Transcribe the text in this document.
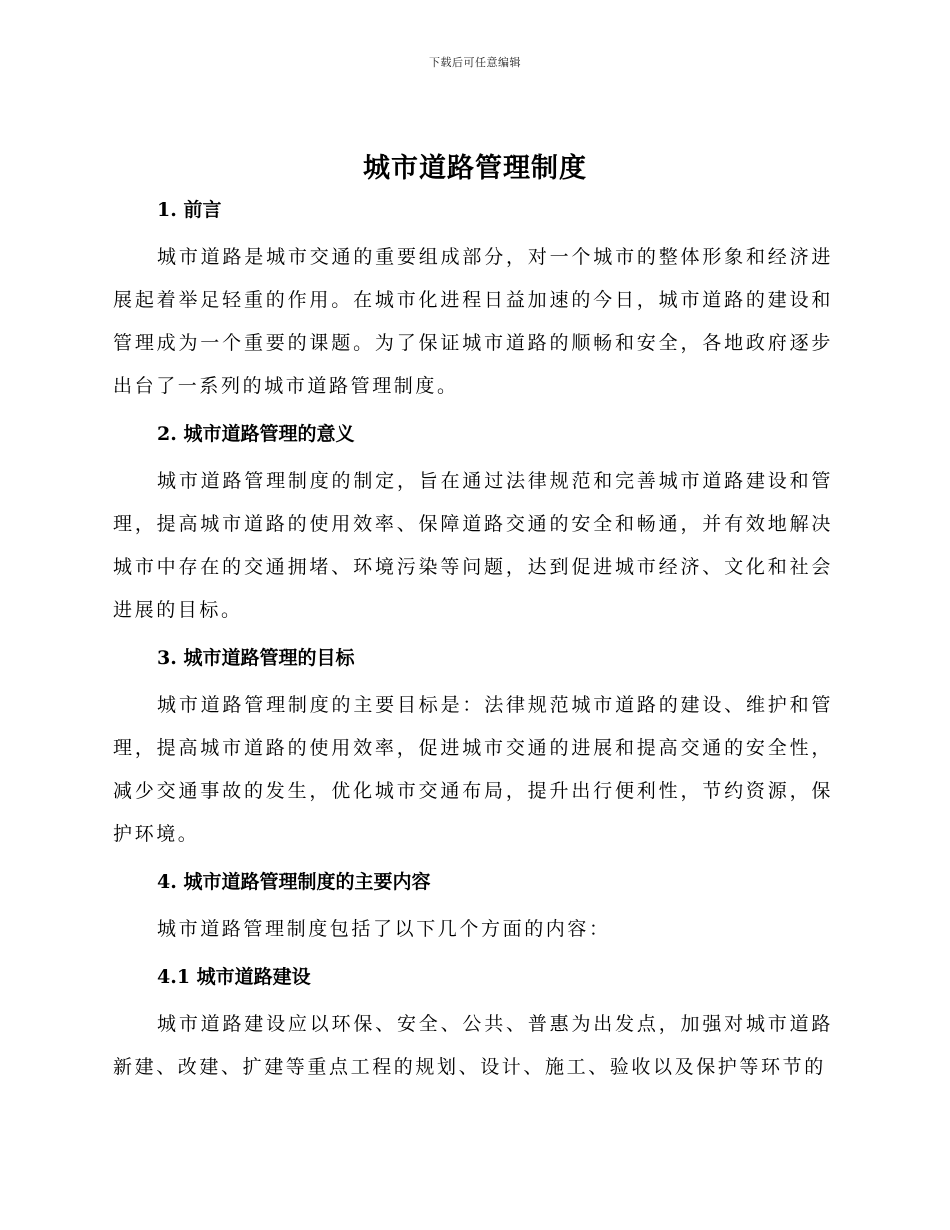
下载后可任意编辑
城市道路管理制度
1. 前言
城市道路是城市交通的重要组成部分，对一个城市的整体形象和经济进展起着举足轻重的作用。在城市化进程日益加速的今日，城市道路的建设和管理成为一个重要的课题。为了保证城市道路的顺畅和安全，各地政府逐步出台了一系列的城市道路管理制度。
2. 城市道路管理的意义
城市道路管理制度的制定，旨在通过法律规范和完善城市道路建设和管理，提高城市道路的使用效率、保障道路交通的安全和畅通，并有效地解决城市中存在的交通拥堵、环境污染等问题，达到促进城市经济、文化和社会进展的目标。
3. 城市道路管理的目标
城市道路管理制度的主要目标是：法律规范城市道路的建设、维护和管理，提高城市道路的使用效率，促进城市交通的进展和提高交通的安全性，减少交通事故的发生，优化城市交通布局，提升出行便利性，节约资源，保护环境。
4. 城市道路管理制度的主要内容
城市道路管理制度包括了以下几个方面的内容：
4.1 城市道路建设
城市道路建设应以环保、安全、公共、普惠为出发点，加强对城市道路新建、改建、扩建等重点工程的规划、设计、施工、验收以及保护等环节的
